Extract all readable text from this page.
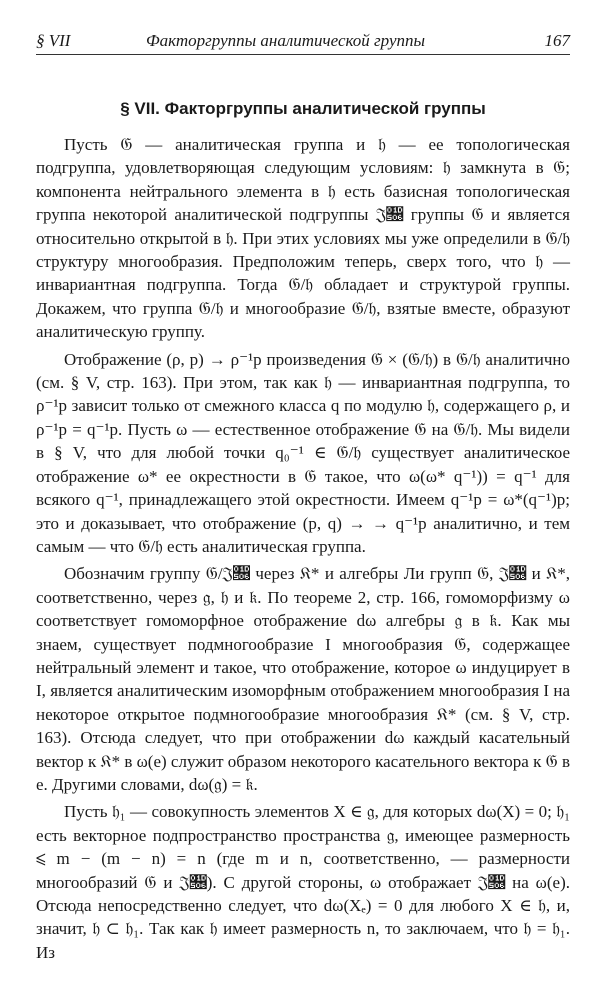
§ VII	Факторгруппы аналитической группы	167
§ VII. Факторгруппы аналитической группы

Пусть 𝔊 — аналитическая группа и 𝔥 — ее топологическая подгруппа, удовлетворяющая следующим условиям: 𝔥 замкнута в 𝔊; компонента нейтрального элемента в 𝔥 есть базисная топологическая группа некоторой аналитической подгруппы 𝔍𝔆 группы 𝔊 и является относительно открытой в 𝔥. При этих условиях мы уже определили в 𝔊/𝔥 структуру многообразия. Предположим теперь, сверх того, что 𝔥 — инвариантная подгруппа. Тогда 𝔊/𝔥 обладает и структурой группы. Докажем, что группа 𝔊/𝔥 и многообразие 𝔊/𝔥, взятые вместе, образуют аналитическую группу.

Отображение (ρ, p) → ρ⁻¹p произведения 𝔊 × (𝔊/𝔥) в 𝔊/𝔥 аналитично (см. § V, стр. 163). При этом, так как 𝔥 — инвариантная подгруппа, то ρ⁻¹p зависит только от смежного класса q по модулю 𝔥, содержащего ρ, и ρ⁻¹p = q⁻¹p. Пусть ω — естественное отображение 𝔊 на 𝔊/𝔥. Мы видели в § V, что для любой точки q₀⁻¹ ∈ 𝔊/𝔥 существует аналитическое отображение ω* ее окрестности в 𝔊 такое, что ω(ω* q⁻¹)) = q⁻¹ для всякого q⁻¹, принадлежащего этой окрестности. Имеем q⁻¹p = ω*(q⁻¹)p; это и доказывает, что отображение (p, q) → → q⁻¹p аналитично, и тем самым — что 𝔊/𝔥 есть аналитическая группа.

Обозначим группу 𝔊/𝔍𝔆 через 𝔎* и алгебры Ли групп 𝔊, 𝔍𝔆 и 𝔎*, соответственно, через 𝔤, 𝔥 и 𝔨. По теореме 2, стр. 166, гомоморфизму ω соответствует гомоморфное отображение dω алгебры 𝔤 в 𝔨. Как мы знаем, существует подмногообразие I многообразия 𝔊, содержащее нейтральный элемент и такое, что отображение, которое ω индуцирует в I, является аналитическим изоморфным отображением многообразия I на некоторое открытое подмногообразие многообразия 𝔎* (см. § V, стр. 163). Отсюда следует, что при отображении dω каждый касательный вектор к 𝔎* в ω(e) служит образом некоторого касательного вектора к 𝔊 в e. Другими словами, dω(𝔤) = 𝔨.

Пусть 𝔥₁ — совокупность элементов X ∈ 𝔤, для которых dω(X) = 0; 𝔥₁ есть векторное подпространство пространства 𝔤, имеющее размерность ⩽ m − (m − n) = n (где m и n, соответственно, — размерности многообразий 𝔊 и 𝔍𝔆). С другой стороны, ω отображает 𝔍𝔆 на ω(e). Отсюда непосредственно следует, что dω(Xₑ) = 0 для любого X ∈ 𝔥, и, значит, 𝔥 ⊂ 𝔥₁. Так как 𝔥 имеет размерность n, то заключаем, что 𝔥 = 𝔥₁. Из
